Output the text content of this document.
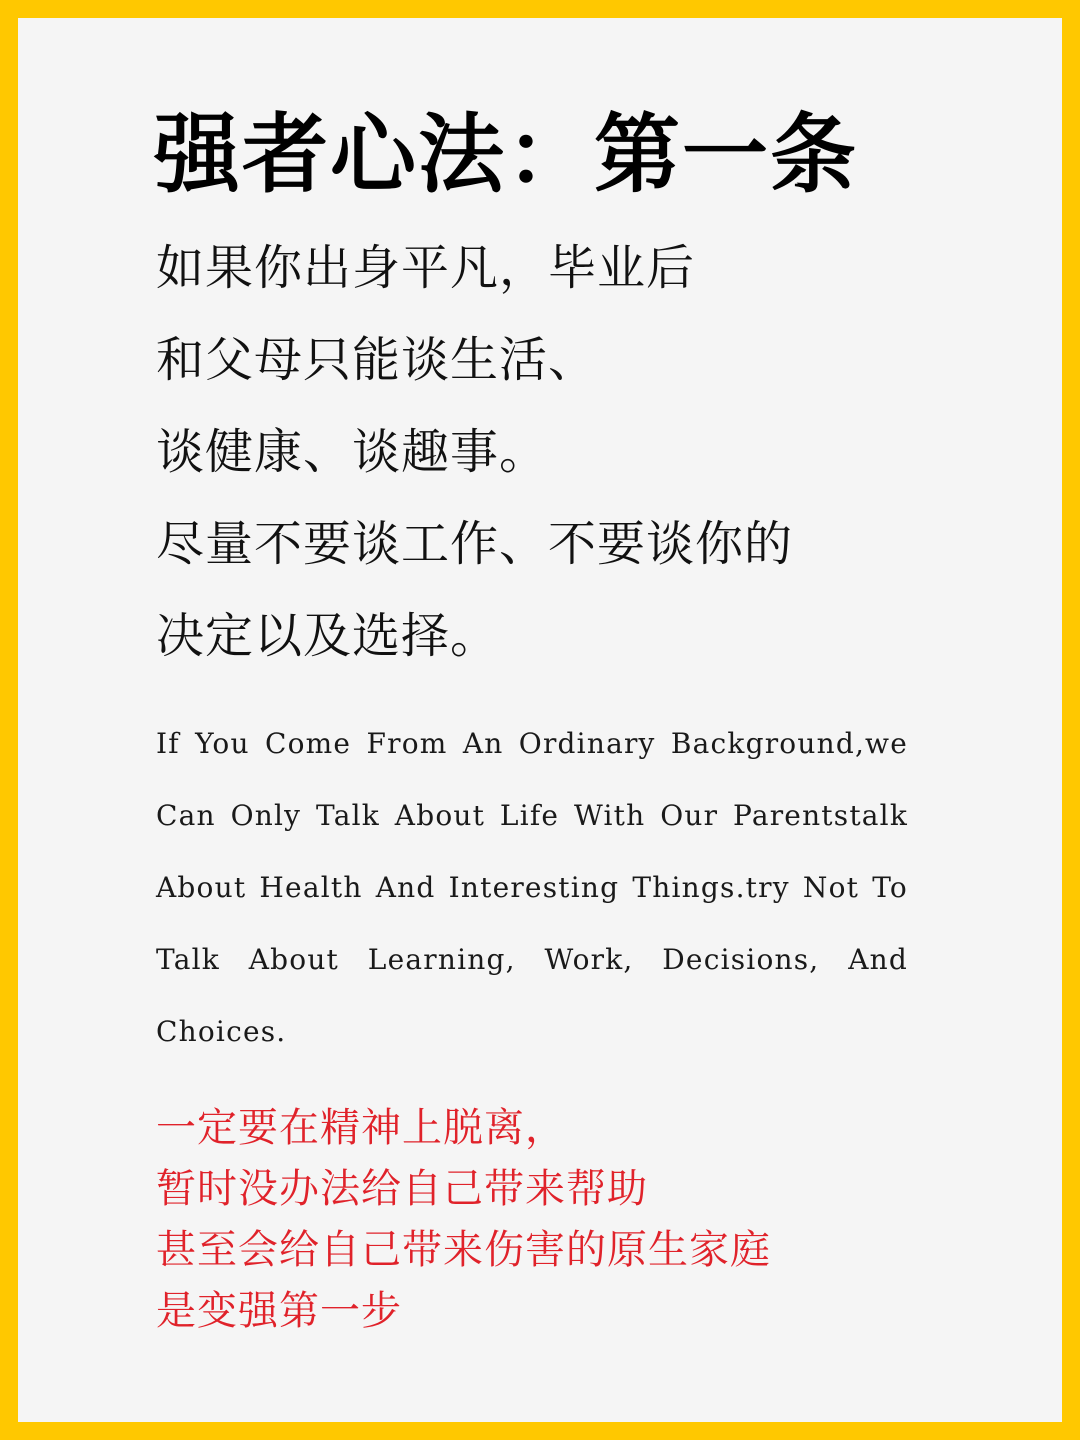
强者心法：第一条
如果你出身平凡，毕业后
和父母只能谈生活、
谈健康、谈趣事。
尽量不要谈工作、不要谈你的
决定以及选择。
If You Come From An Ordinary Background,we
Can Only Talk About Life With Our Parentstalk
About Health And Interesting Things.try Not To
Talk About Learning, Work, Decisions, And
Choices.
一定要在精神上脱离，
暂时没办法给自己带来帮助
甚至会给自己带来伤害的原生家庭
是变强第一步
